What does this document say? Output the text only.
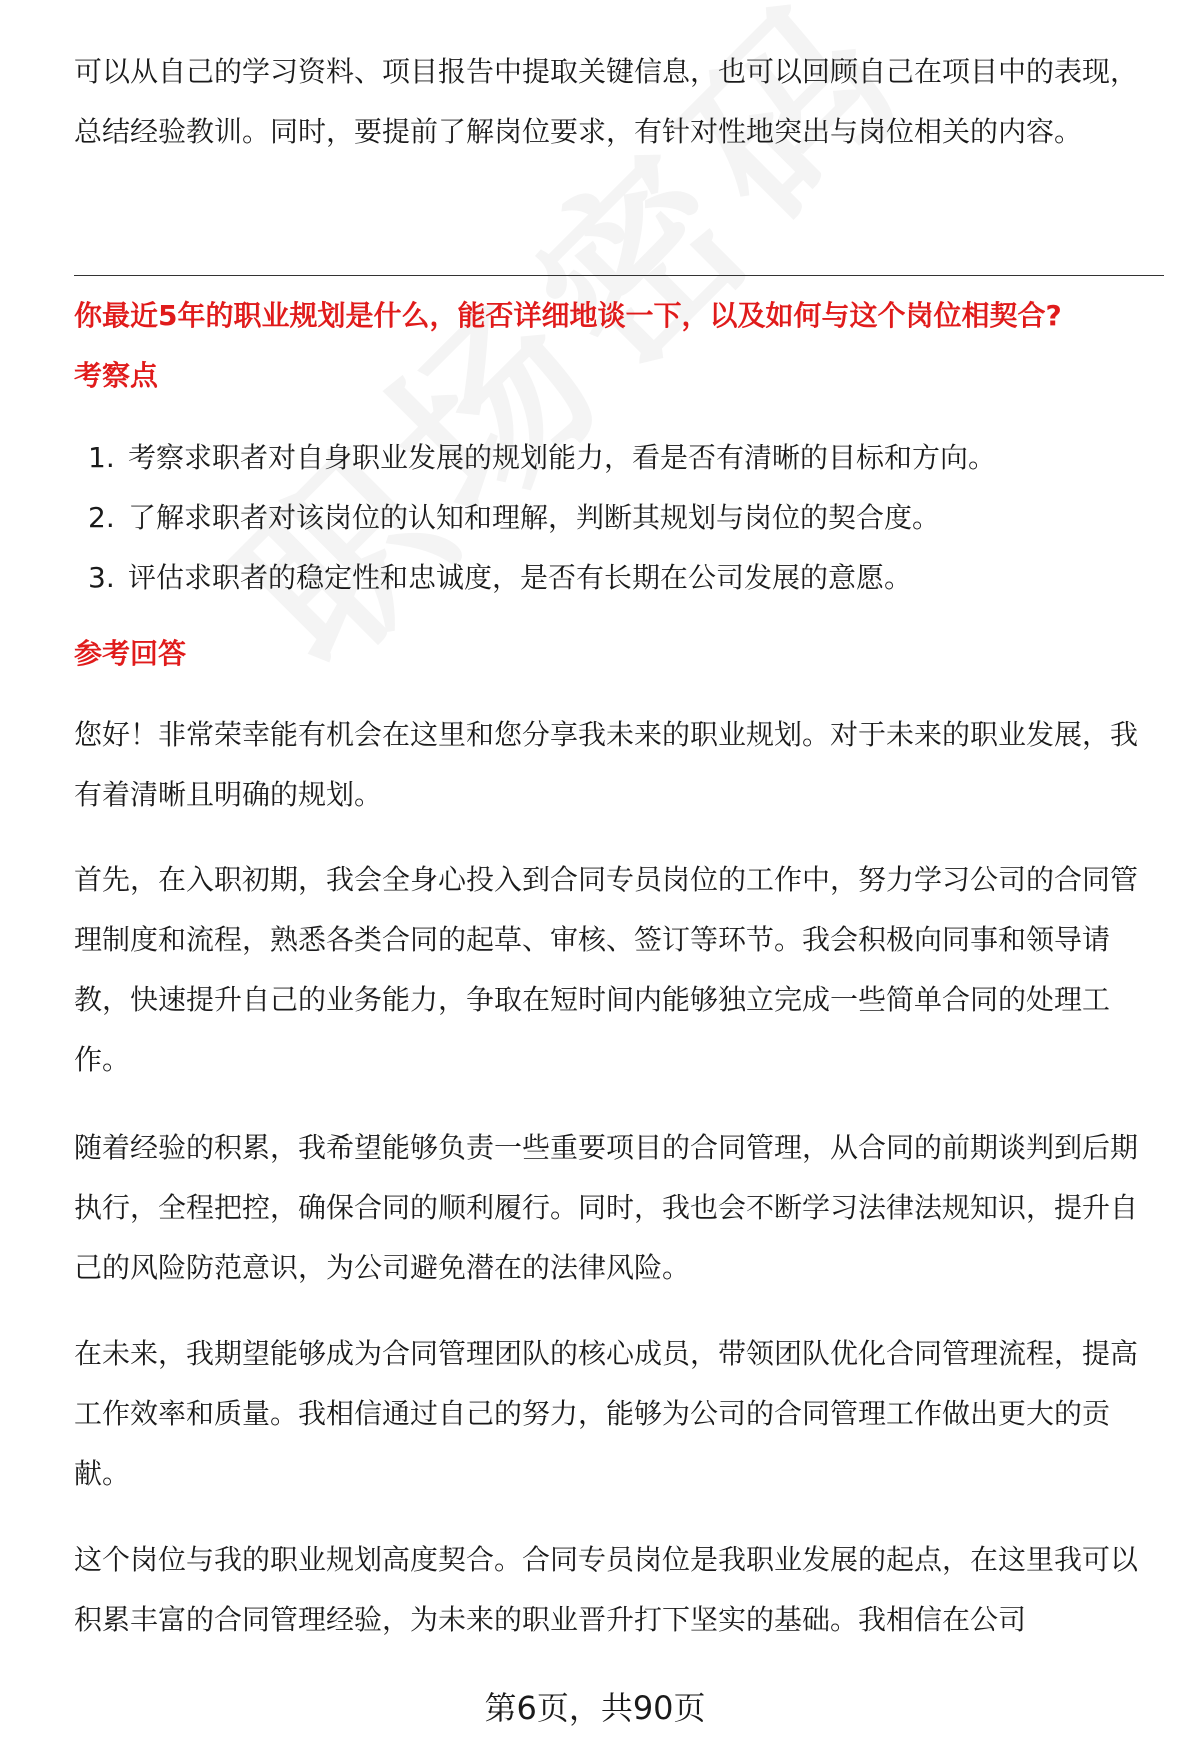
可以从自己的学习资料、项目报告中提取关键信息，也可以回顾自己在项目中的表现，总结经验教训。同时，要提前了解岗位要求，有针对性地突出与岗位相关的内容。

你最近5年的职业规划是什么，能否详细地谈一下，以及如何与这个岗位相契合?
考察点
1. 考察求职者对自身职业发展的规划能力，看是否有清晰的目标和方向。
2. 了解求职者对该岗位的认知和理解，判断其规划与岗位的契合度。
3. 评估求职者的稳定性和忠诚度，是否有长期在公司发展的意愿。
参考回答

您好！非常荣幸能有机会在这里和您分享我未来的职业规划。对于未来的职业发展，我有着清晰且明确的规划。

首先，在入职初期，我会全身心投入到合同专员岗位的工作中，努力学习公司的合同管理制度和流程，熟悉各类合同的起草、审核、签订等环节。我会积极向同事和领导请教，快速提升自己的业务能力，争取在短时间内能够独立完成一些简单合同的处理工作。

随着经验的积累，我希望能够负责一些重要项目的合同管理，从合同的前期谈判到后期执行，全程把控，确保合同的顺利履行。同时，我也会不断学习法律法规知识，提升自己的风险防范意识，为公司避免潜在的法律风险。

在未来，我期望能够成为合同管理团队的核心成员，带领团队优化合同管理流程，提高工作效率和质量。我相信通过自己的努力，能够为公司的合同管理工作做出更大的贡献。

这个岗位与我的职业规划高度契合。合同专员岗位是我职业发展的起点，在这里我可以积累丰富的合同管理经验，为未来的职业晋升打下坚实的基础。我相信在公司

第6页，共90页
